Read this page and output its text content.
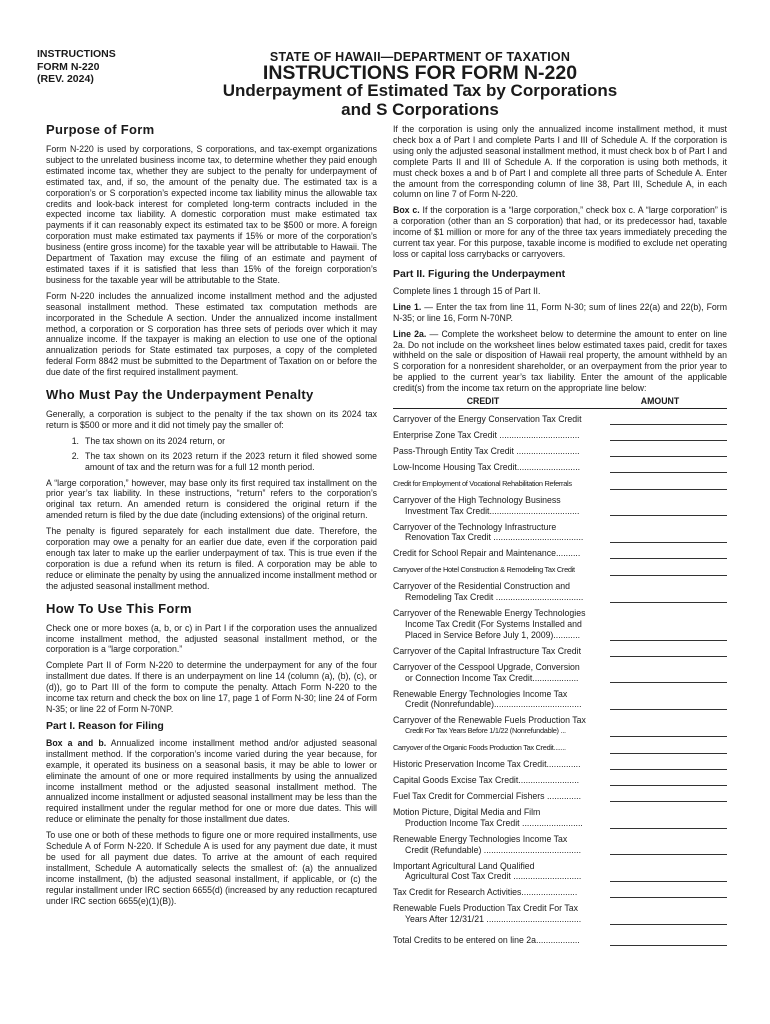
INSTRUCTIONS
FORM N-220
(REV. 2024)
STATE OF HAWAII—DEPARTMENT OF TAXATION
INSTRUCTIONS FOR FORM N-220
Underpayment of Estimated Tax by Corporations
and S Corporations
Purpose of Form

Form N-220 is used by corporations, S corporations, and tax-exempt organizations subject to the unrelated business income tax, to determine whether they paid enough estimated income tax, whether they are subject to the penalty for underpayment of estimated tax, and, if so, the amount of the penalty due. The estimated tax is a corporation’s or S corporation’s expected income tax liability minus the allowable tax credits and look-back interest for completed long-term contracts included in the expected income tax liability. A domestic corporation must make estimated tax payments if it can reasonably expect its estimated tax to be $500 or more. A foreign corporation must make estimated tax payments if 15% or more of the corporation’s business (entire gross income) for the taxable year will be attributable to Hawaii. The Department of Taxation may excuse the filing of an estimate and payment of estimated taxes if it is satisfied that less than 15% of the foreign corporation’s business for the taxable year will be attributable to the State.

Form N-220 includes the annualized income installment method and the adjusted seasonal installment method. These estimated tax computation methods are incorporated in the Schedule A section. Under the annualized income installment method, a corporation or S corporation has three sets of periods over which it may annualize income. If the taxpayer is making an election to use one of the optional annualization periods for State estimated tax purposes, a copy of the completed federal Form 8842 must be submitted to the Department of Taxation on or before the due date of the first required installment payment.

Who Must Pay the Underpayment Penalty

Generally, a corporation is subject to the penalty if the tax shown on its 2024 tax return is $500 or more and it did not timely pay the smaller of:

1. The tax shown on its 2024 return, or
2. The tax shown on its 2023 return if the 2023 return it filed showed some amount of tax and the return was for a full 12 month period.

A “large corporation,” however, may base only its first required tax installment on the prior year’s tax liability. In these instructions, “return” refers to the corporation’s original tax return. An amended return is considered the original return if the amended return is filed by the due date (including extensions) of the original return.

The penalty is figured separately for each installment due date. Therefore, the corporation may owe a penalty for an earlier due date, even if the corporation paid enough tax later to make up the earlier underpayment of tax. This is true even if the corporation is due a refund when its return is filed. A corporation may be able to reduce or eliminate the penalty by using the annualized income installment method or the adjusted seasonal installment method.

How To Use This Form

Check one or more boxes (a, b, or c) in Part I if the corporation uses the annualized income installment method, the adjusted seasonal installment method, or the corporation is a “large corporation.”

Complete Part II of Form N-220 to determine the underpayment for any of the four installment due dates. If there is an underpayment on line 14 (column (a), (b), (c), or (d)), go to Part III of the form to compute the penalty. Attach Form N-220 to the income tax return and check the box on line 17, page 1 of Form N-30; line 24 of Form N-35; or line 22 of Form N-70NP.

Part I. Reason for Filing

Box a and b. Annualized income installment method and/or adjusted seasonal installment method. If the corporation’s income varied during the year because, for example, it operated its business on a seasonal basis, it may be able to lower or eliminate the amount of one or more required installments by using the annualized income installment method or the adjusted seasonal installment method. The annualized income installment or adjusted seasonal installment may be less than the required installment under the regular method for one or more due dates. This will reduce or eliminate the penalty for those installment due dates.

To use one or both of these methods to figure one or more required installments, use Schedule A of Form N-220. If Schedule A is used for any payment due date, it must be used for all payment due dates. To arrive at the amount of each required installment, Schedule A automatically selects the smallest of: (a) the annualized income installment, (b) the adjusted seasonal installment, if applicable, or (c) the regular installment under IRC section 6655(d) (increased by any reduction recaptured under IRC section 6655(e)(1)(B)).

If the corporation is using only the annualized income installment method, it must check box a of Part I and complete Parts I and III of Schedule A. If the corporation is using only the adjusted seasonal installment method, it must check box b of Part I and complete Parts II and III of Schedule A. If the corporation is using both methods, it must check boxes a and b of Part I and complete all three parts of Schedule A. Enter the amount from the corresponding column of line 38, Part III, Schedule A, in each column on line 7 of Form N-220.

Box c. If the corporation is a “large corporation,” check box c. A “large corporation” is a corporation (other than an S corporation) that had, or its predecessor had, taxable income of $1 million or more for any of the three tax years immediately preceding the current tax year. For this purpose, taxable income is modified to exclude net operating loss or capital loss carrybacks or carryovers.

Part II. Figuring the Underpayment

Complete lines 1 through 15 of Part II.

Line 1. — Enter the tax from line 11, Form N-30; sum of lines 22(a) and 22(b), Form N-35; or line 16, Form N-70NP.

Line 2a. — Complete the worksheet below to determine the amount to enter on line 2a. Do not include on the worksheet lines below estimated taxes paid, credit for taxes withheld on the sale or disposition of Hawaii real property, the amount withheld by an S corporation for a nonresident shareholder, or an overpayment from the prior year to be applied to the current year’s tax liability. Enter the amount of the applicable credit(s) from the income tax return on the appropriate line below:

CREDIT	AMOUNT
Carryover of the Energy Conservation Tax Credit
Enterprise Zone Tax Credit .................................
Pass-Through Entity Tax Credit ..........................
Low-Income Housing Tax Credit..........................
Credit for Employment of Vocational Rehabilitation Referrals
Carryover of the High Technology Business
Investment Tax Credit.....................................
Carryover of the Technology Infrastructure
Renovation Tax Credit .....................................
Credit for School Repair and Maintenance..........
Carryover of the Hotel Construction & Remodeling Tax Credit
Carryover of the Residential Construction and
Remodeling Tax Credit ....................................
Carryover of the Renewable Energy Technologies
Income Tax Credit (For Systems Installed and
Placed in Service Before July 1, 2009)...........
Carryover of the Capital Infrastructure Tax Credit
Carryover of the Cesspool Upgrade, Conversion
or Connection Income Tax Credit...................
Renewable Energy Technologies Income Tax
Credit (Nonrefundable)....................................
Carryover of the Renewable Fuels Production Tax
Credit For Tax Years Before 1/1/22 (Nonrefundable) ...
Carryover of the Organic Foods Production Tax Credit.......
Historic Preservation Income Tax Credit..............
Capital Goods Excise Tax Credit.........................
Fuel Tax Credit for Commercial Fishers ..............
Motion Picture, Digital Media and Film
Production Income Tax Credit .........................
Renewable Energy Technologies Income Tax
Credit (Refundable) ........................................
Important Agricultural Land Qualified
Agricultural Cost Tax Credit ............................
Tax Credit for Research Activities.......................
Renewable Fuels Production Tax Credit For Tax
Years After 12/31/21 .......................................
Total Credits to be entered on line 2a..................
